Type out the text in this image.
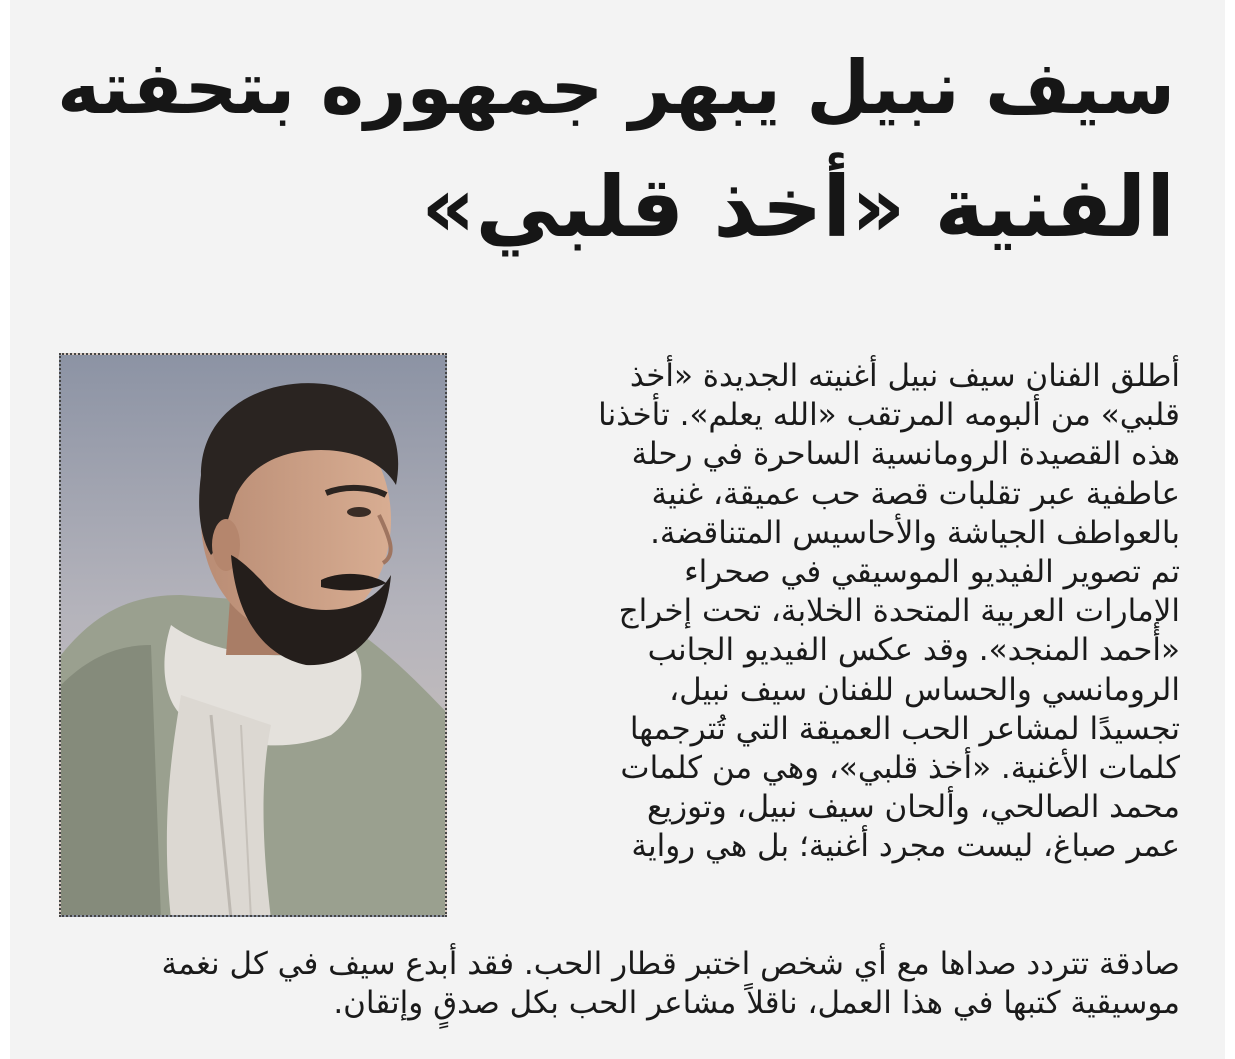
سيف نبيل يبهر جمهوره بتحفته
الفنية «أخذ قلبي»
أطلق الفنان سيف نبيل أغنيته الجديدة «أخذ
قلبي» من ألبومه المرتقب «الله يعلم». تأخذنا
هذه القصيدة الرومانسية الساحرة في رحلة
عاطفية عبر تقلبات قصة حب عميقة، غنية
بالعواطف الجياشة والأحاسيس المتناقضة.
تم تصوير الفيديو الموسيقي في صحراء
الإمارات العربية المتحدة الخلابة، تحت إخراج
«أحمد المنجد». وقد عكس الفيديو الجانب
الرومانسي والحساس للفنان سيف نبيل،
تجسيدًا لمشاعر الحب العميقة التي تُترجمها
كلمات الأغنية. «أخذ قلبي»، وهي من كلمات
محمد الصالحي، وألحان سيف نبيل، وتوزيع
عمر صباغ، ليست مجرد أغنية؛ بل هي رواية
صادقة تتردد صداها مع أي شخص اختبر قطار الحب. فقد أبدع سيف في كل نغمة
موسيقية كتبها في هذا العمل، ناقلاً مشاعر الحب بكل صدقٍ وإتقان.
